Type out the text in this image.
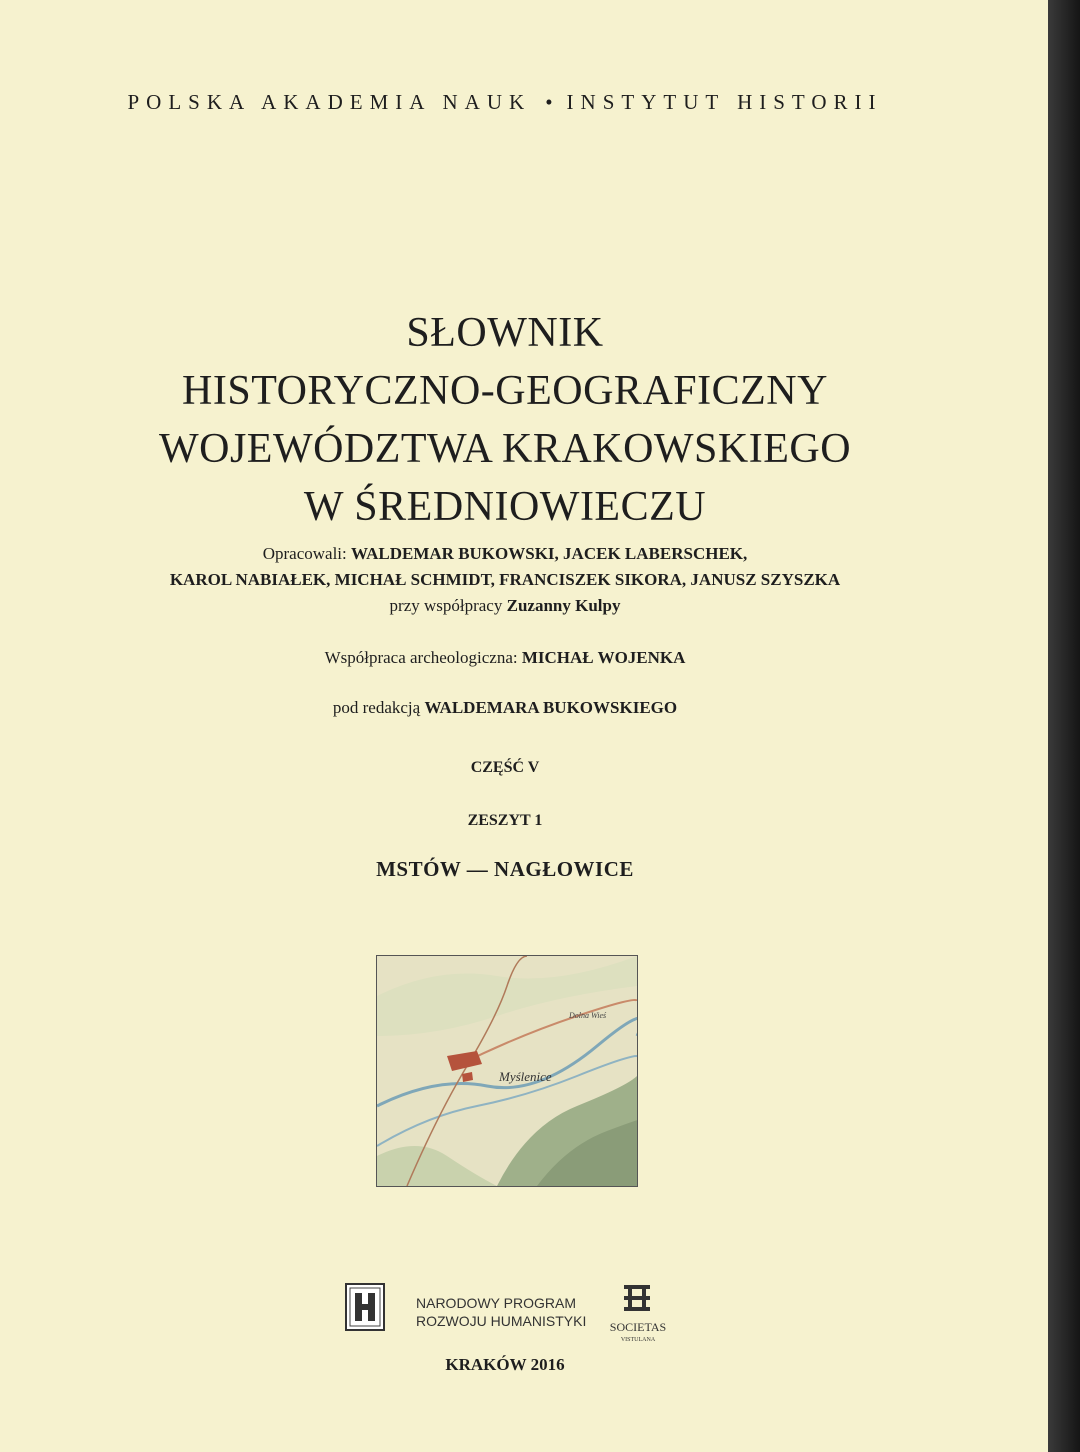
POLSKA AKADEMIA NAUK • INSTYTUT HISTORII
SŁOWNIK
HISTORYCZNO-GEOGRAFICZNY
WOJEWÓDZTWA KRAKOWSKIEGO
W ŚREDNIOWIECZU
Opracowali: WALDEMAR BUKOWSKI, JACEK LABERSCHEK,
KAROL NABIAŁEK, MICHAŁ SCHMIDT, FRANCISZEK SIKORA, JANUSZ SZYSZKA
przy współpracy Zuzanny Kulpy
Współpraca archeologiczna: MICHAŁ WOJENKA
pod redakcją WALDEMARA BUKOWSKIEGO
CZĘŚĆ V
ZESZYT 1
MSTÓW — NAGŁOWICE
Myślenice
Dolna Wieś
NARODOWY PROGRAM
ROZWOJU HUMANISTYKI	SOCIETAS
VISTULANA
KRAKÓW 2016
